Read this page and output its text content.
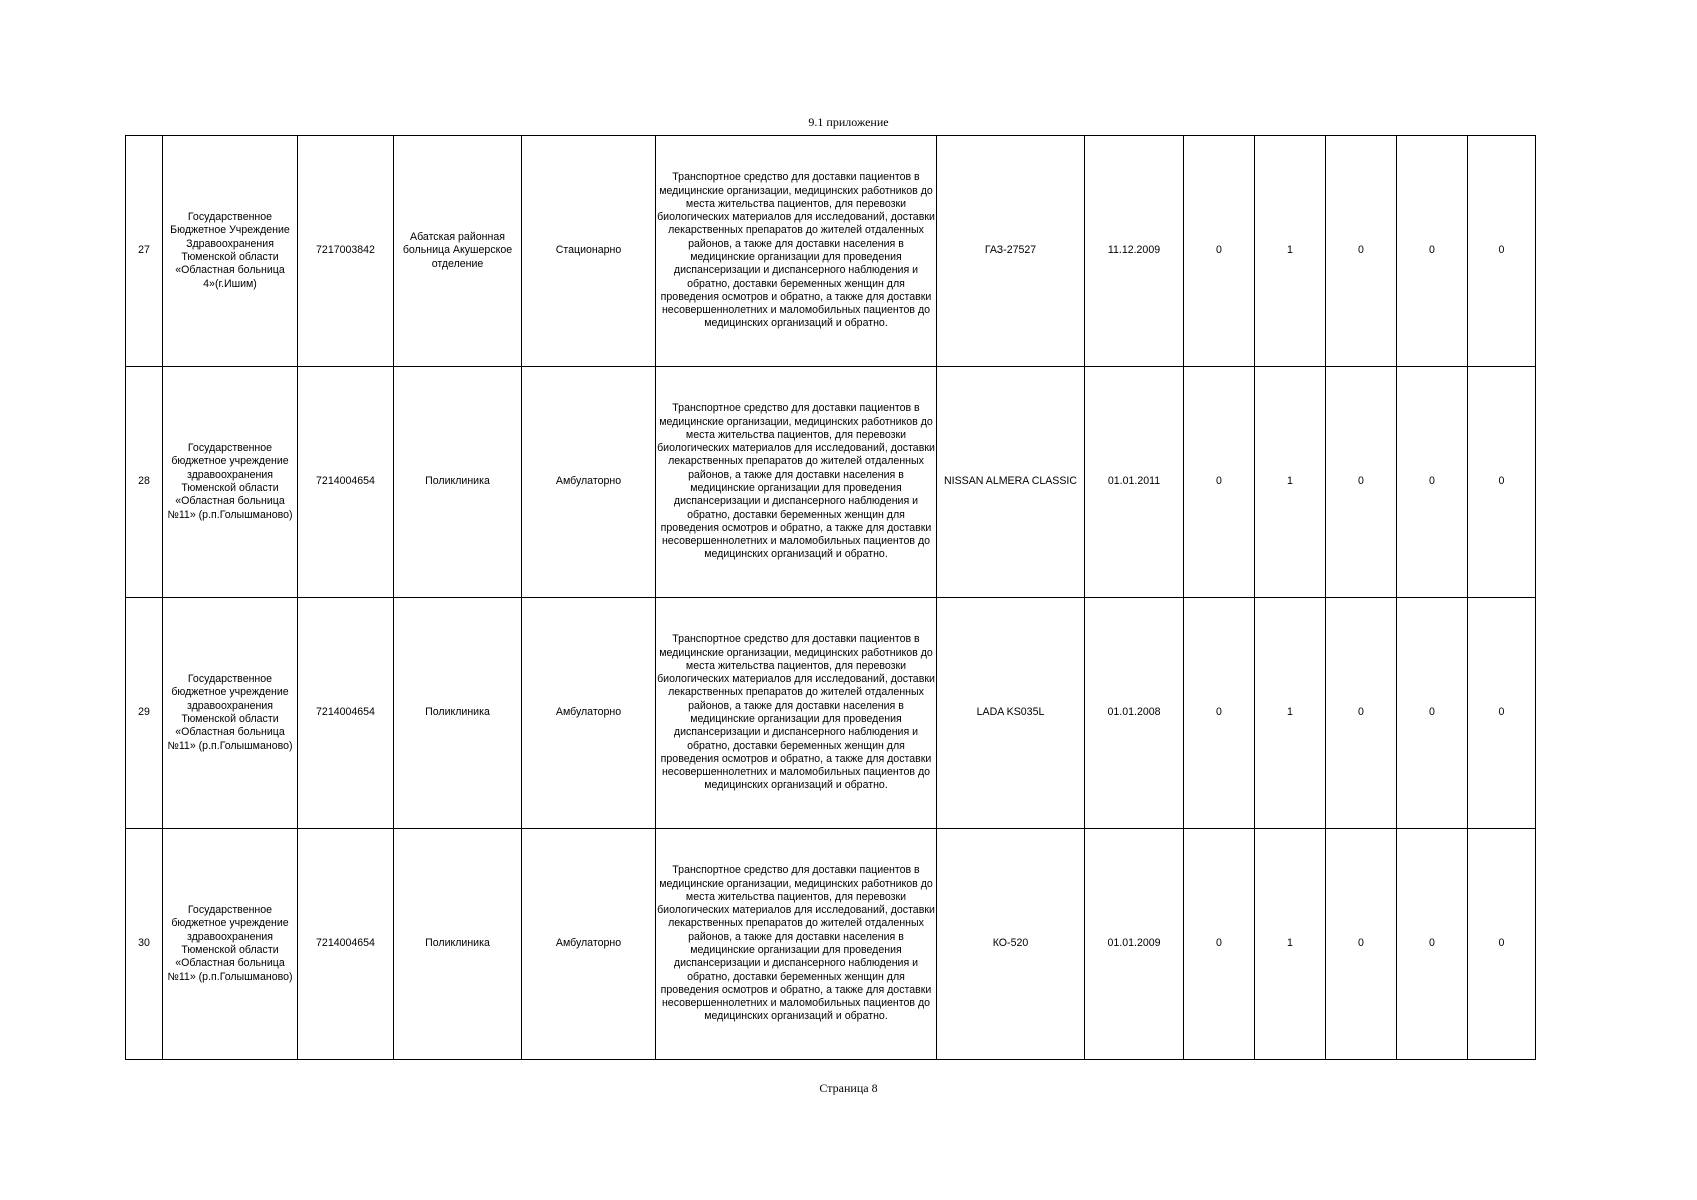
9.1 приложение
27	Государственное Бюджетное Учреждение Здравоохранения Тюменской области «Областная больница 4»(г.Ишим)	7217003842	Абатская районная больница Акушерское отделение	Стационарно	Транспортное средство для доставки пациентов в медицинские организации, медицинских работников до места жительства пациентов, для перевозки биологических материалов для исследований, доставки лекарственных препаратов до жителей отдаленных районов, а также для доставки населения в медицинские организации для проведения диспансеризации и диспансерного наблюдения и обратно, доставки беременных женщин для проведения осмотров и обратно, а также для доставки несовершеннолетних и маломобильных пациентов до медицинских организаций и обратно.	ГАЗ-27527	11.12.2009	0	1	0	0	0
28	Государственное бюджетное учреждение здравоохранения Тюменской области «Областная больница №11» (р.п.Голышманово)	7214004654	Поликлиника	Амбулаторно	Транспортное средство для доставки пациентов в медицинские организации, медицинских работников до места жительства пациентов, для перевозки биологических материалов для исследований, доставки лекарственных препаратов до жителей отдаленных районов, а также для доставки населения в медицинские организации для проведения диспансеризации и диспансерного наблюдения и обратно, доставки беременных женщин для проведения осмотров и обратно, а также для доставки несовершеннолетних и маломобильных пациентов до медицинских организаций и обратно.	NISSAN ALMERA CLASSIC	01.01.2011	0	1	0	0	0
29	Государственное бюджетное учреждение здравоохранения Тюменской области «Областная больница №11» (р.п.Голышманово)	7214004654	Поликлиника	Амбулаторно	Транспортное средство для доставки пациентов в медицинские организации, медицинских работников до места жительства пациентов, для перевозки биологических материалов для исследований, доставки лекарственных препаратов до жителей отдаленных районов, а также для доставки населения в медицинские организации для проведения диспансеризации и диспансерного наблюдения и обратно, доставки беременных женщин для проведения осмотров и обратно, а также для доставки несовершеннолетних и маломобильных пациентов до медицинских организаций и обратно.	LADA KS035L	01.01.2008	0	1	0	0	0
30	Государственное бюджетное учреждение здравоохранения Тюменской области «Областная больница №11» (р.п.Голышманово)	7214004654	Поликлиника	Амбулаторно	Транспортное средство для доставки пациентов в медицинские организации, медицинских работников до места жительства пациентов, для перевозки биологических материалов для исследований, доставки лекарственных препаратов до жителей отдаленных районов, а также для доставки населения в медицинские организации для проведения диспансеризации и диспансерного наблюдения и обратно, доставки беременных женщин для проведения осмотров и обратно, а также для доставки несовершеннолетних и маломобильных пациентов до медицинских организаций и обратно.	КО-520	01.01.2009	0	1	0	0	0
Страница 8
